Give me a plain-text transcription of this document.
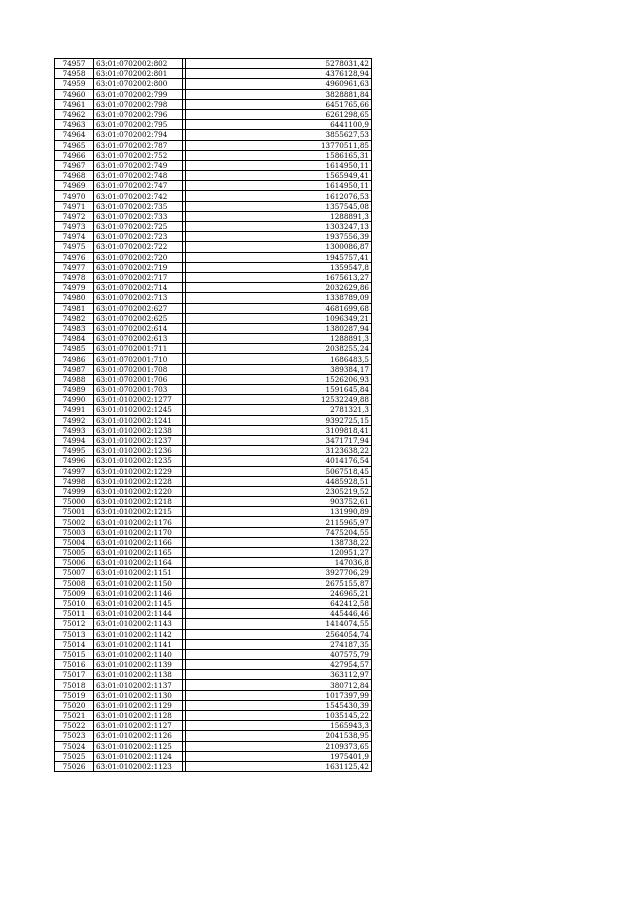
74957	63:01:0702002:802		5278031,42
74958	63:01:0702002:801		4376128,94
74959	63:01:0702002:800		4960961,63
74960	63:01:0702002:799		3828881,84
74961	63:01:0702002:798		6451765,66
74962	63:01:0702002:796		6261298,65
74963	63:01:0702002:795		6441100,9
74964	63:01:0702002:794		3855627,53
74965	63:01:0702002:787		13770511,85
74966	63:01:0702002:752		1586165,31
74967	63:01:0702002:749		1614950,11
74968	63:01:0702002:748		1565949,41
74969	63:01:0702002:747		1614950,11
74970	63:01:0702002:742		1612076,53
74971	63:01:0702002:735		1357545,08
74972	63:01:0702002:733		1288891,3
74973	63:01:0702002:725		1303247,13
74974	63:01:0702002:723		1937556,39
74975	63:01:0702002:722		1300086,87
74976	63:01:0702002:720		1945757,41
74977	63:01:0702002:719		1359547,8
74978	63:01:0702002:717		1675613,27
74979	63:01:0702002:714		2032629,86
74980	63:01:0702002:713		1338789,09
74981	63:01:0702002:627		4681699,68
74982	63:01:0702002:625		1096349,21
74983	63:01:0702002:614		1380287,94
74984	63:01:0702002:613		1288891,3
74985	63:01:0702001:711		2038255,24
74986	63:01:0702001:710		1686483,5
74987	63:01:0702001:708		389384,17
74988	63:01:0702001:706		1526206,93
74989	63:01:0702001:703		1591645,84
74990	63:01:0102002:1277		12532249,88
74991	63:01:0102002:1245		2781321,3
74992	63:01:0102002:1241		9392725,15
74993	63:01:0102002:1238		3109818,41
74994	63:01:0102002:1237		3471717,94
74995	63:01:0102002:1236		3123638,22
74996	63:01:0102002:1235		4014176,54
74997	63:01:0102002:1229		5067518,45
74998	63:01:0102002:1228		4485928,51
74999	63:01:0102002:1220		2305219,52
75000	63:01:0102002:1218		903752,61
75001	63:01:0102002:1215		131990,89
75002	63:01:0102002:1176		2115965,97
75003	63:01:0102002:1170		7475204,55
75004	63:01:0102002:1166		138738,22
75005	63:01:0102002:1165		120951,27
75006	63:01:0102002:1164		147036,8
75007	63:01:0102002:1151		3927706,29
75008	63:01:0102002:1150		2675155,87
75009	63:01:0102002:1146		246965,21
75010	63:01:0102002:1145		642412,58
75011	63:01:0102002:1144		445446,46
75012	63:01:0102002:1143		1414074,55
75013	63:01:0102002:1142		2564054,74
75014	63:01:0102002:1141		274187,35
75015	63:01:0102002:1140		407575,79
75016	63:01:0102002:1139		427954,57
75017	63:01:0102002:1138		363112,97
75018	63:01:0102002:1137		380712,84
75019	63:01:0102002:1130		1017397,99
75020	63:01:0102002:1129		1545430,39
75021	63:01:0102002:1128		1035145,22
75022	63:01:0102002:1127		1565943,3
75023	63:01:0102002:1126		2041538,95
75024	63:01:0102002:1125		2109373,65
75025	63:01:0102002:1124		1975401,9
75026	63:01:0102002:1123		1631125,42
